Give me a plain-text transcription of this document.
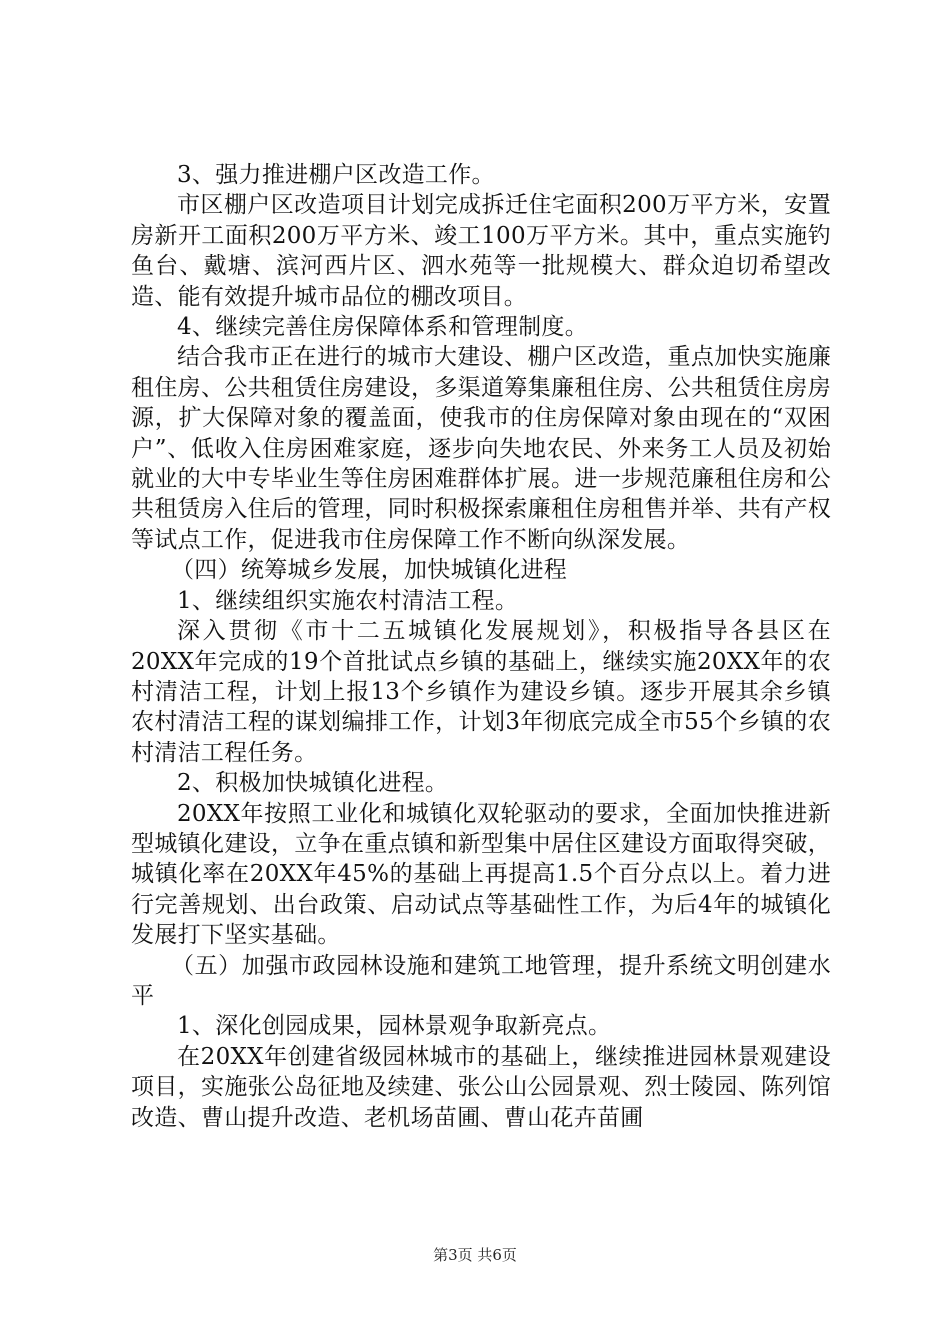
3、强力推进棚户区改造工作。

市区棚户区改造项目计划完成拆迁住宅面积200万平方米，安置房新开工面积200万平方米、竣工100万平方米。其中，重点实施钓鱼台、戴塘、滨河西片区、泗水苑等一批规模大、群众迫切希望改造、能有效提升城市品位的棚改项目。

4、继续完善住房保障体系和管理制度。

结合我市正在进行的城市大建设、棚户区改造，重点加快实施廉租住房、公共租赁住房建设，多渠道筹集廉租住房、公共租赁住房房源，扩大保障对象的覆盖面，使我市的住房保障对象由现在的“双困户”、低收入住房困难家庭，逐步向失地农民、外来务工人员及初始就业的大中专毕业生等住房困难群体扩展。进一步规范廉租住房和公共租赁房入住后的管理，同时积极探索廉租住房租售并举、共有产权等试点工作，促进我市住房保障工作不断向纵深发展。

（四）统筹城乡发展，加快城镇化进程

1、继续组织实施农村清洁工程。

深入贯彻《市十二五城镇化发展规划》，积极指导各县区在20XX年完成的19个首批试点乡镇的基础上，继续实施20XX年的农村清洁工程，计划上报13个乡镇作为建设乡镇。逐步开展其余乡镇农村清洁工程的谋划编排工作，计划3年彻底完成全市55个乡镇的农村清洁工程任务。

2、积极加快城镇化进程。

20XX年按照工业化和城镇化双轮驱动的要求，全面加快推进新型城镇化建设，立争在重点镇和新型集中居住区建设方面取得突破，城镇化率在20XX年45%的基础上再提高1.5个百分点以上。着力进行完善规划、出台政策、启动试点等基础性工作，为后4年的城镇化发展打下坚实基础。

（五）加强市政园林设施和建筑工地管理，提升系统文明创建水平

1、深化创园成果，园林景观争取新亮点。

在20XX年创建省级园林城市的基础上，继续推进园林景观建设项目，实施张公岛征地及续建、张公山公园景观、烈士陵园、陈列馆改造、曹山提升改造、老机场苗圃、曹山花卉苗圃

第3页 共6页
